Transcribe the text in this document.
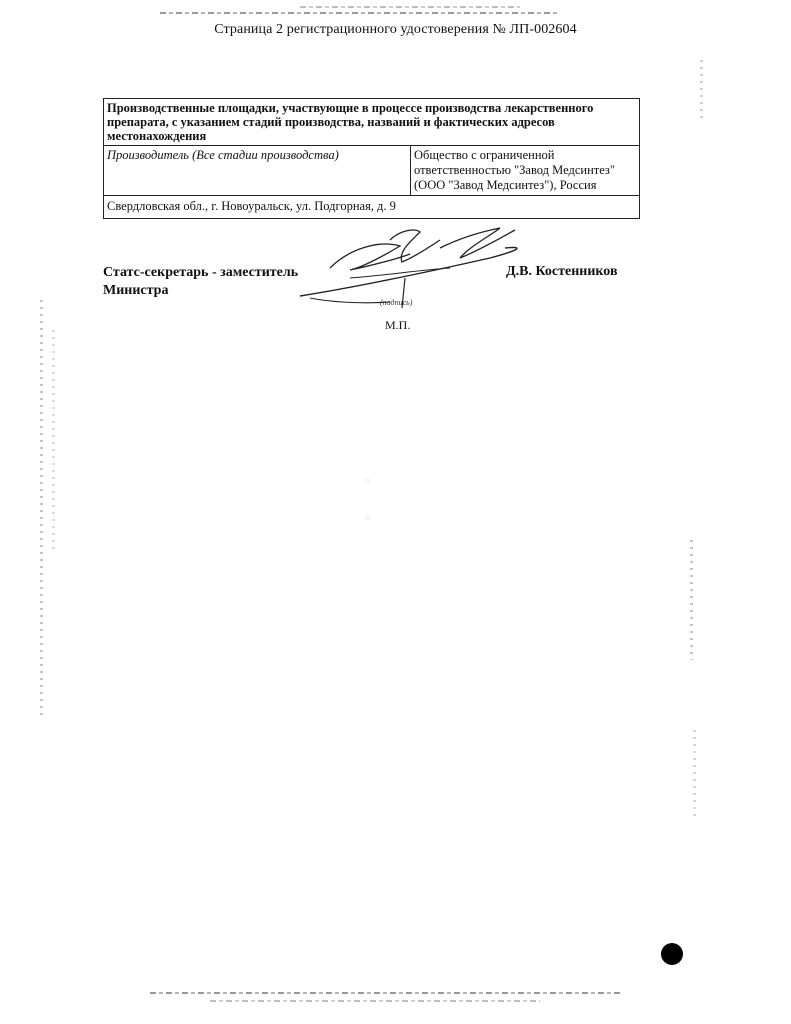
Страница 2 регистрационного удостоверения № ЛП-002604
Производственные площадки, участвующие в процессе производства лекарственного препарата, с указанием стадий производства, названий и фактических адресов местонахождения
Производитель (Все стадии производства)	Общество с ограниченной
ответственностью "Завод Медсинтез"
(ООО "Завод Медсинтез"), Россия

Свердловская обл., г. Новоуральск, ул. Подгорная, д. 9
Статс-секретарь - заместитель
Министра
Д.В. Костенников
(подпись)
М.П.
◌
◌
